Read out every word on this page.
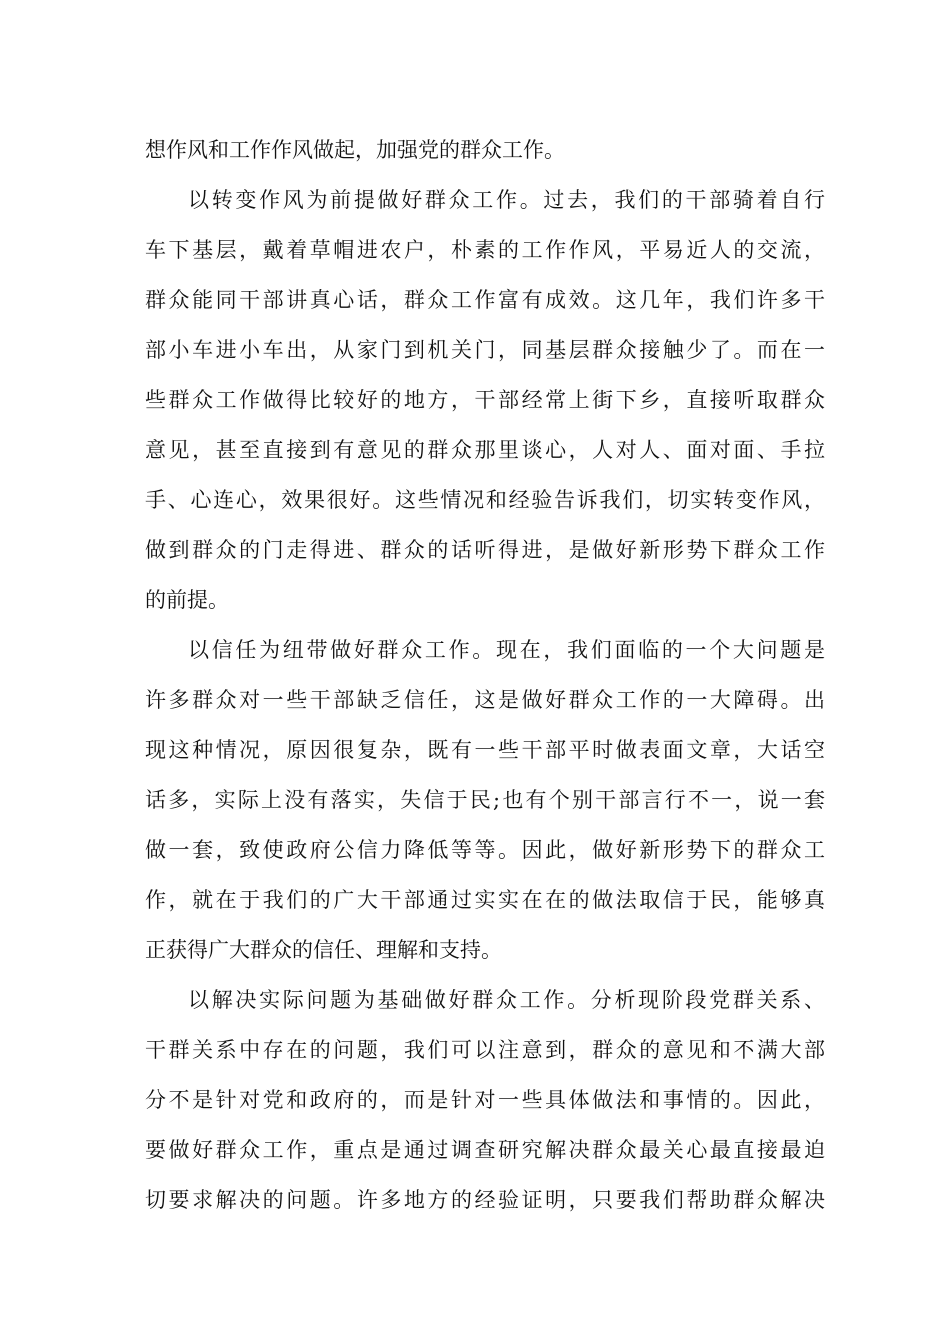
想作风和工作作风做起，加强党的群众工作。
以转变作风为前提做好群众工作。过去，我们的干部骑着自行
车下基层，戴着草帽进农户，朴素的工作作风，平易近人的交流，
群众能同干部讲真心话，群众工作富有成效。这几年，我们许多干
部小车进小车出，从家门到机关门，同基层群众接触少了。而在一
些群众工作做得比较好的地方，干部经常上街下乡，直接听取群众
意见，甚至直接到有意见的群众那里谈心，人对人、面对面、手拉
手、心连心，效果很好。这些情况和经验告诉我们，切实转变作风，
做到群众的门走得进、群众的话听得进，是做好新形势下群众工作
的前提。
以信任为纽带做好群众工作。现在，我们面临的一个大问题是
许多群众对一些干部缺乏信任，这是做好群众工作的一大障碍。出
现这种情况，原因很复杂，既有一些干部平时做表面文章，大话空
话多，实际上没有落实，失信于民;也有个别干部言行不一，说一套
做一套，致使政府公信力降低等等。因此，做好新形势下的群众工
作，就在于我们的广大干部通过实实在在的做法取信于民，能够真
正获得广大群众的信任、理解和支持。
以解决实际问题为基础做好群众工作。分析现阶段党群关系、
干群关系中存在的问题，我们可以注意到，群众的意见和不满大部
分不是针对党和政府的，而是针对一些具体做法和事情的。因此，
要做好群众工作，重点是通过调查研究解决群众最关心最直接最迫
切要求解决的问题。许多地方的经验证明，只要我们帮助群众解决
